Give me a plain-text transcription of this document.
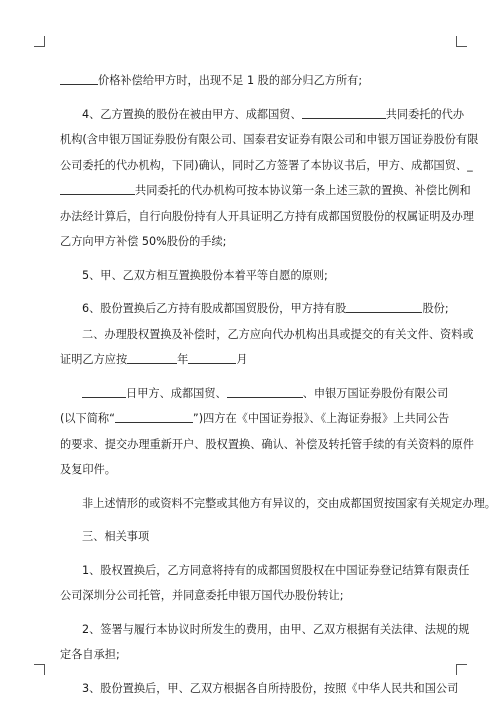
价格补偿给甲方时，出现不足 1 股的部分归乙方所有;
4、乙方置换的股份在被由甲方、成都国贸、	共同委托的代办
机构(含申银万国证券股份有限公司、国泰君安证券有限公司和申银万国证券股份有限
公司委托的代办机构，下同)确认，同时乙方签署了本协议书后，甲方、成都国贸、_
共同委托的代办机构可按本协议第一条上述三款的置换、补偿比例和
办法经计算后，自行向股份持有人开具证明乙方持有成都国贸股份的权属证明及办理
乙方向甲方补偿 50%股份的手续;
5、甲、乙双方相互置换股份本着平等自愿的原则;
6、股份置换后乙方持有股成都国贸股份，甲方持有股	股份;
二、办理股权置换及补偿时，乙方应向代办机构出具或提交的有关文件、资料或
证明乙方应按	年	月
日甲方、成都国贸、	、申银万国证券股份有限公司
(以下简称“	”)四方在《中国证券报》、《上海证券报》上共同公告
的要求、提交办理重新开户、股权置换、确认、补偿及转托管手续的有关资料的原件
及复印件。
非上述情形的或资料不完整或其他方有异议的，交由成都国贸按国家有关规定办理。
三、相关事项
1、股权置换后，乙方同意将持有的成都国贸股权在中国证券登记结算有限责任
公司深圳分公司托管，并同意委托申银万国代办股份转让;
2、签署与履行本协议时所发生的费用，由甲、乙双方根据有关法律、法规的规
定各自承担;
3、股份置换后，甲、乙双方根据各自所持股份，按照《中华人民共和国公司
